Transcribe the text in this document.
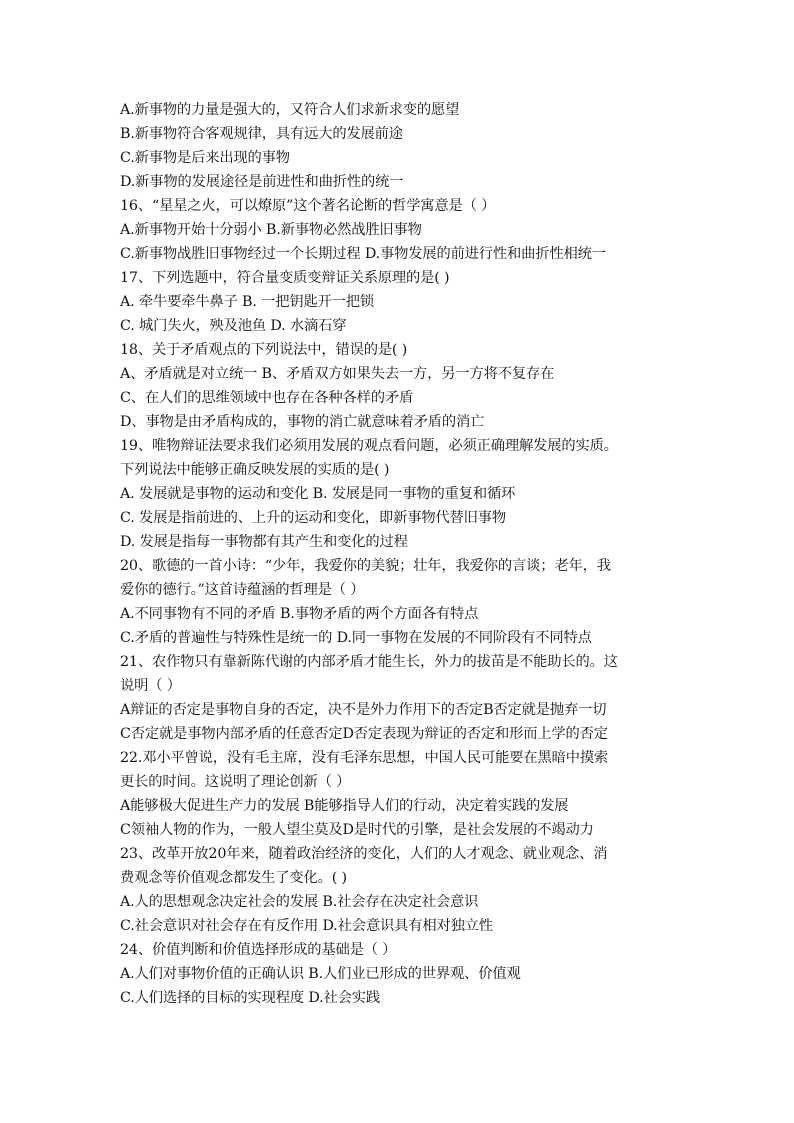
A.新事物的力量是强大的，又符合人们求新求变的愿望
B.新事物符合客观规律，具有远大的发展前途
C.新事物是后来出现的事物
D.新事物的发展途径是前进性和曲折性的统一
16、“星星之火，可以燎原”这个著名论断的哲学寓意是（ ）
A.新事物开始十分弱小 B.新事物必然战胜旧事物
C.新事物战胜旧事物经过一个长期过程 D.事物发展的前进行性和曲折性相统一
17、下列选题中，符合量变质变辩证关系原理的是( )
A. 牵牛要牵牛鼻子 B. 一把钥匙开一把锁
C. 城门失火，殃及池鱼 D. 水滴石穿
18、关于矛盾观点的下列说法中，错误的是( )
A、矛盾就是对立统一 B、矛盾双方如果失去一方，另一方将不复存在
C、在人们的思维领域中也存在各种各样的矛盾
D、事物是由矛盾构成的，事物的消亡就意味着矛盾的消亡
19、唯物辩证法要求我们必须用发展的观点看问题，必须正确理解发展的实质。
下列说法中能够正确反映发展的实质的是( )
A. 发展就是事物的运动和变化 B. 发展是同一事物的重复和循环
C. 发展是指前进的、上升的运动和变化，即新事物代替旧事物
D. 发展是指每一事物都有其产生和变化的过程
20、歌德的一首小诗：“少年，我爱你的美貌；壮年，我爱你的言谈；老年，我
爱你的德行。”这首诗蕴涵的哲理是（ ）
A.不同事物有不同的矛盾 B.事物矛盾的两个方面各有特点
C.矛盾的普遍性与特殊性是统一的 D.同一事物在发展的不同阶段有不同特点
21、农作物只有靠新陈代谢的内部矛盾才能生长，外力的拔苗是不能助长的。这
说明（ ）
A辩证的否定是事物自身的否定，决不是外力作用下的否定B否定就是抛弃一切
C否定就是事物内部矛盾的任意否定D否定表现为辩证的否定和形而上学的否定
22.邓小平曾说，没有毛主席，没有毛泽东思想，中国人民可能要在黑暗中摸索
更长的时间。这说明了理论创新（ ）
A能够极大促进生产力的发展 B能够指导人们的行动，决定着实践的发展
C领袖人物的作为，一般人望尘莫及D是时代的引擎，是社会发展的不竭动力
23、改革开放20年来，随着政治经济的变化，人们的人才观念、就业观念、消
费观念等价值观念都发生了变化。( )
A.人的思想观念决定社会的发展 B.社会存在决定社会意识
C.社会意识对社会存在有反作用 D.社会意识具有相对独立性
24、价值判断和价值选择形成的基础是（ ）
A.人们对事物价值的正确认识 B.人们业已形成的世界观、价值观
C.人们选择的目标的实现程度 D.社会实践
